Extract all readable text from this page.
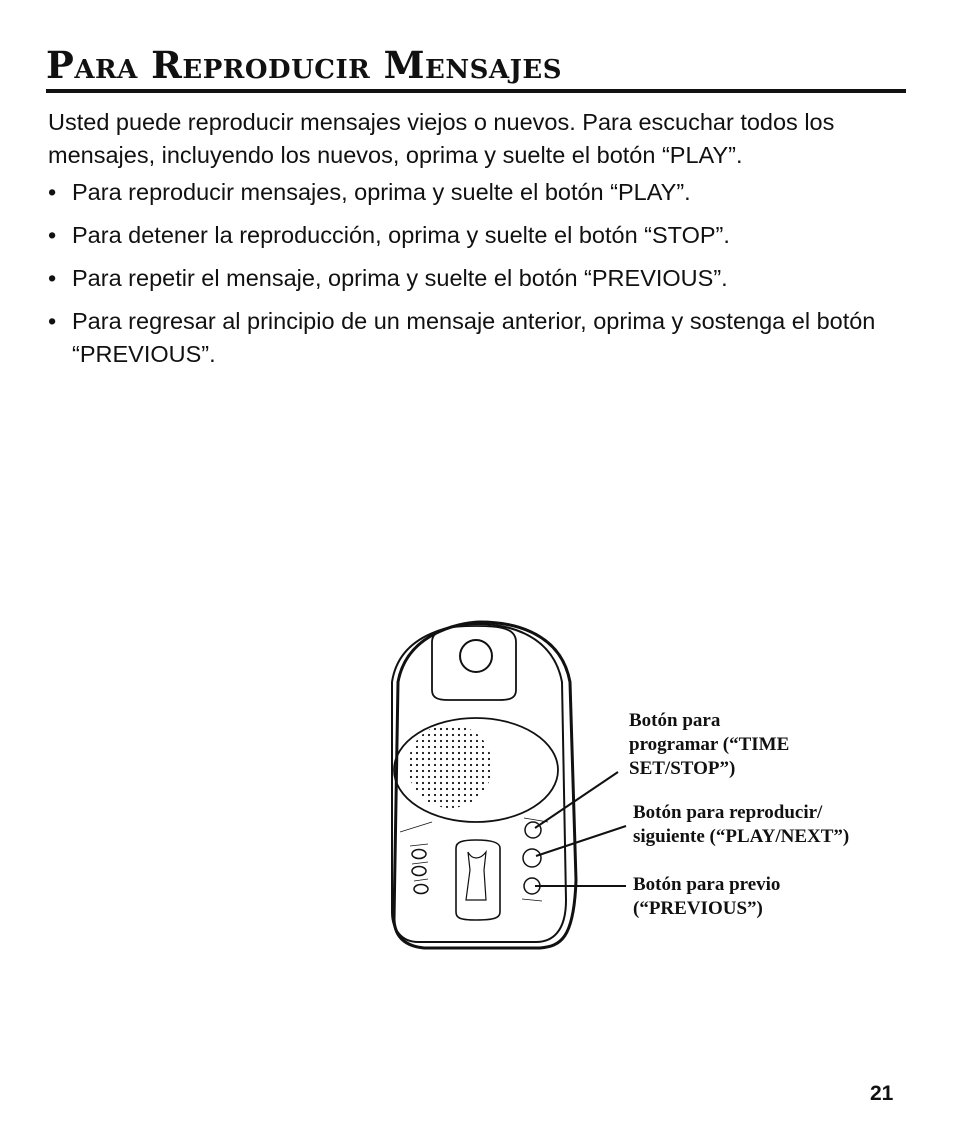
Para Reproducir Mensajes

Usted puede reproducir mensajes viejos o nuevos. Para escuchar todos los mensajes, incluyendo los nuevos, oprima y suelte el botón “PLAY”.

• Para reproducir mensajes, oprima y suelte el botón “PLAY”.
• Para detener la reproducción, oprima y suelte el botón “STOP”.
• Para repetir el mensaje, oprima y suelte el botón “PREVIOUS”.
• Para regresar al principio de un mensaje anterior, oprima y sostenga el botón “PREVIOUS”.
Botón para
programar (“TIME
SET/STOP”)
Botón para reproducir/
siguiente (“PLAY/NEXT”)
Botón para previo
(“PREVIOUS”)
21
